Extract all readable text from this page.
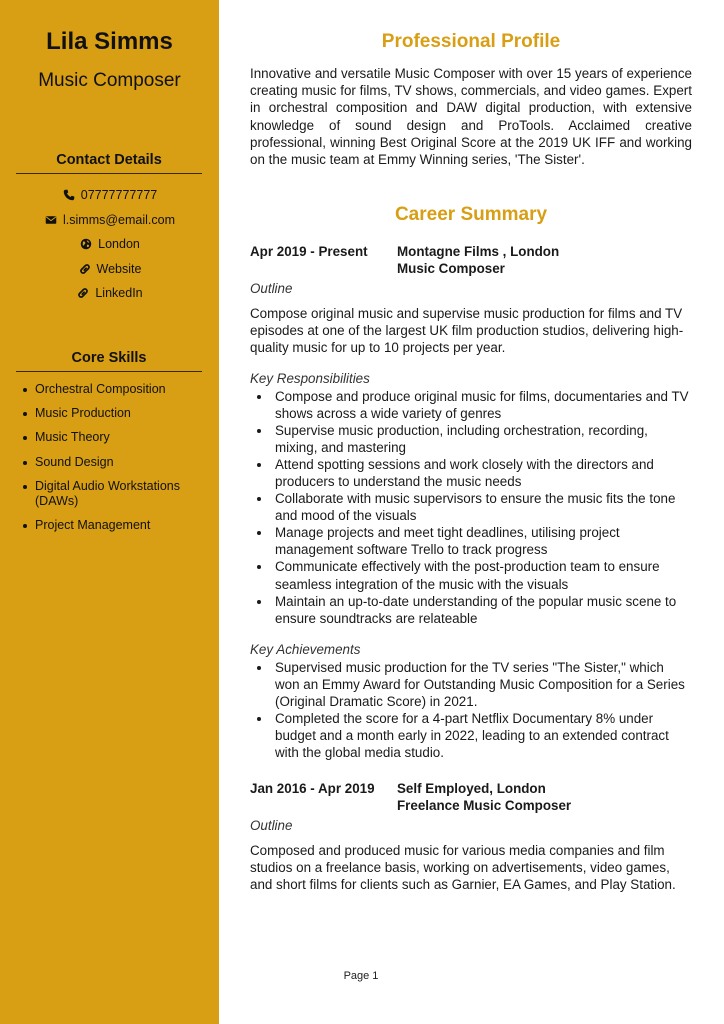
Lila Simms
Music Composer
Contact Details
07777777777
l.simms@email.com
London
Website
LinkedIn
Core Skills
Orchestral Composition
Music Production
Music Theory
Sound Design
Digital Audio Workstations (DAWs)
Project Management
Professional Profile
Innovative and versatile Music Composer with over 15 years of experience creating music for films, TV shows, commercials, and video games. Expert in orchestral composition and DAW digital production, with extensive knowledge of sound design and ProTools. Acclaimed creative professional, winning Best Original Score at the 2019 UK IFF and working on the music team at Emmy Winning series, 'The Sister'.
Career Summary
Apr 2019 - Present Montagne Films , London
Music Composer
Outline
Compose original music and supervise music production for films and TV episodes at one of the largest UK film production studios, delivering high-quality music for up to 10 projects per year.
Key Responsibilities
Compose and produce original music for films, documentaries and TV shows across a wide variety of genres
Supervise music production, including orchestration, recording, mixing, and mastering
Attend spotting sessions and work closely with the directors and producers to understand the music needs
Collaborate with music supervisors to ensure the music fits the tone and mood of the visuals
Manage projects and meet tight deadlines, utilising project management software Trello to track progress
Communicate effectively with the post-production team to ensure seamless integration of the music with the visuals
Maintain an up-to-date understanding of the popular music scene to ensure soundtracks are relateable
Key Achievements
Supervised music production for the TV series "The Sister," which won an Emmy Award for Outstanding Music Composition for a Series (Original Dramatic Score) in 2021.
Completed the score for a 4-part Netflix Documentary 8% under budget and a month early in 2022, leading to an extended contract with the global media studio.
Jan 2016 - Apr 2019 Self Employed, London
Freelance Music Composer
Outline
Composed and produced music for various media companies and film studios on a freelance basis, working on advertisements, video games, and short films for clients such as Garnier, EA Games, and Play Station.
Page 1
